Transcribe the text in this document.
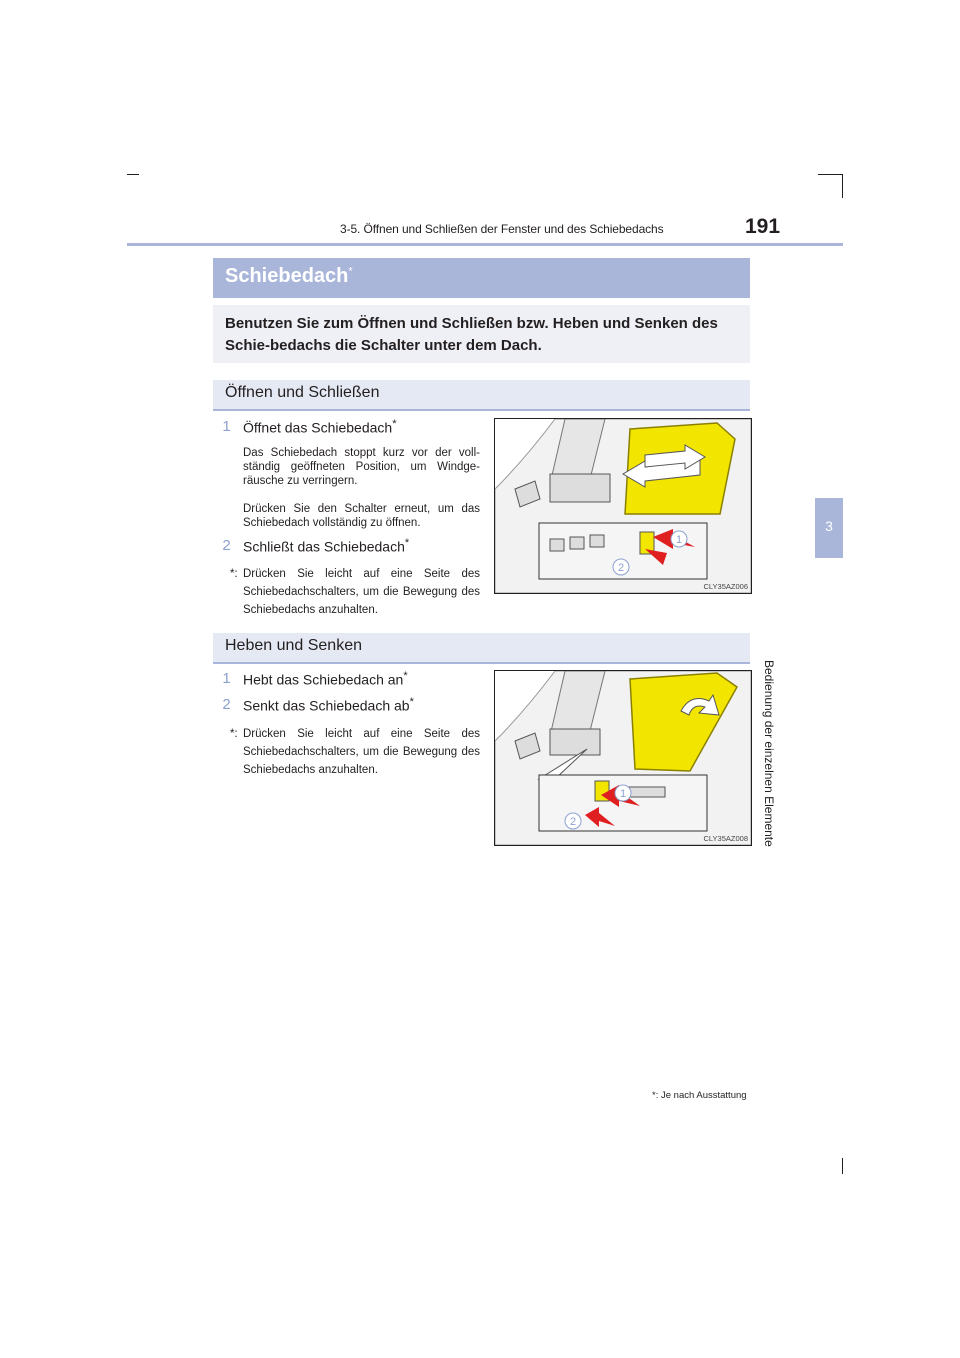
3-5. Öffnen und Schließen der Fenster und des Schiebedachs	191
3
Bedienung der einzelnen Elemente
Schiebedach*

Benutzen Sie zum Öffnen und Schließen bzw. Heben und Senken des Schie-bedachs die Schalter unter dem Dach.

Öffnen und Schließen
1 Öffnet das Schiebedach*
Das Schiebedach stoppt kurz vor der voll-ständig geöffneten Position, um Windge-räusche zu verringern.
Drücken Sie den Schalter erneut, um das Schiebedach vollständig zu öffnen.
2 Schließt das Schiebedach*
*: Drücken Sie leicht auf eine Seite des Schiebedachschalters, um die Bewegung des Schiebedachs anzuhalten.
1
2
CLY35AZ006
Heben und Senken
1 Hebt das Schiebedach an*
2 Senkt das Schiebedach ab*
*: Drücken Sie leicht auf eine Seite des Schiebedachschalters, um die Bewegung des Schiebedachs anzuhalten.
1
2
CLY35AZ008
*: Je nach Ausstattung
